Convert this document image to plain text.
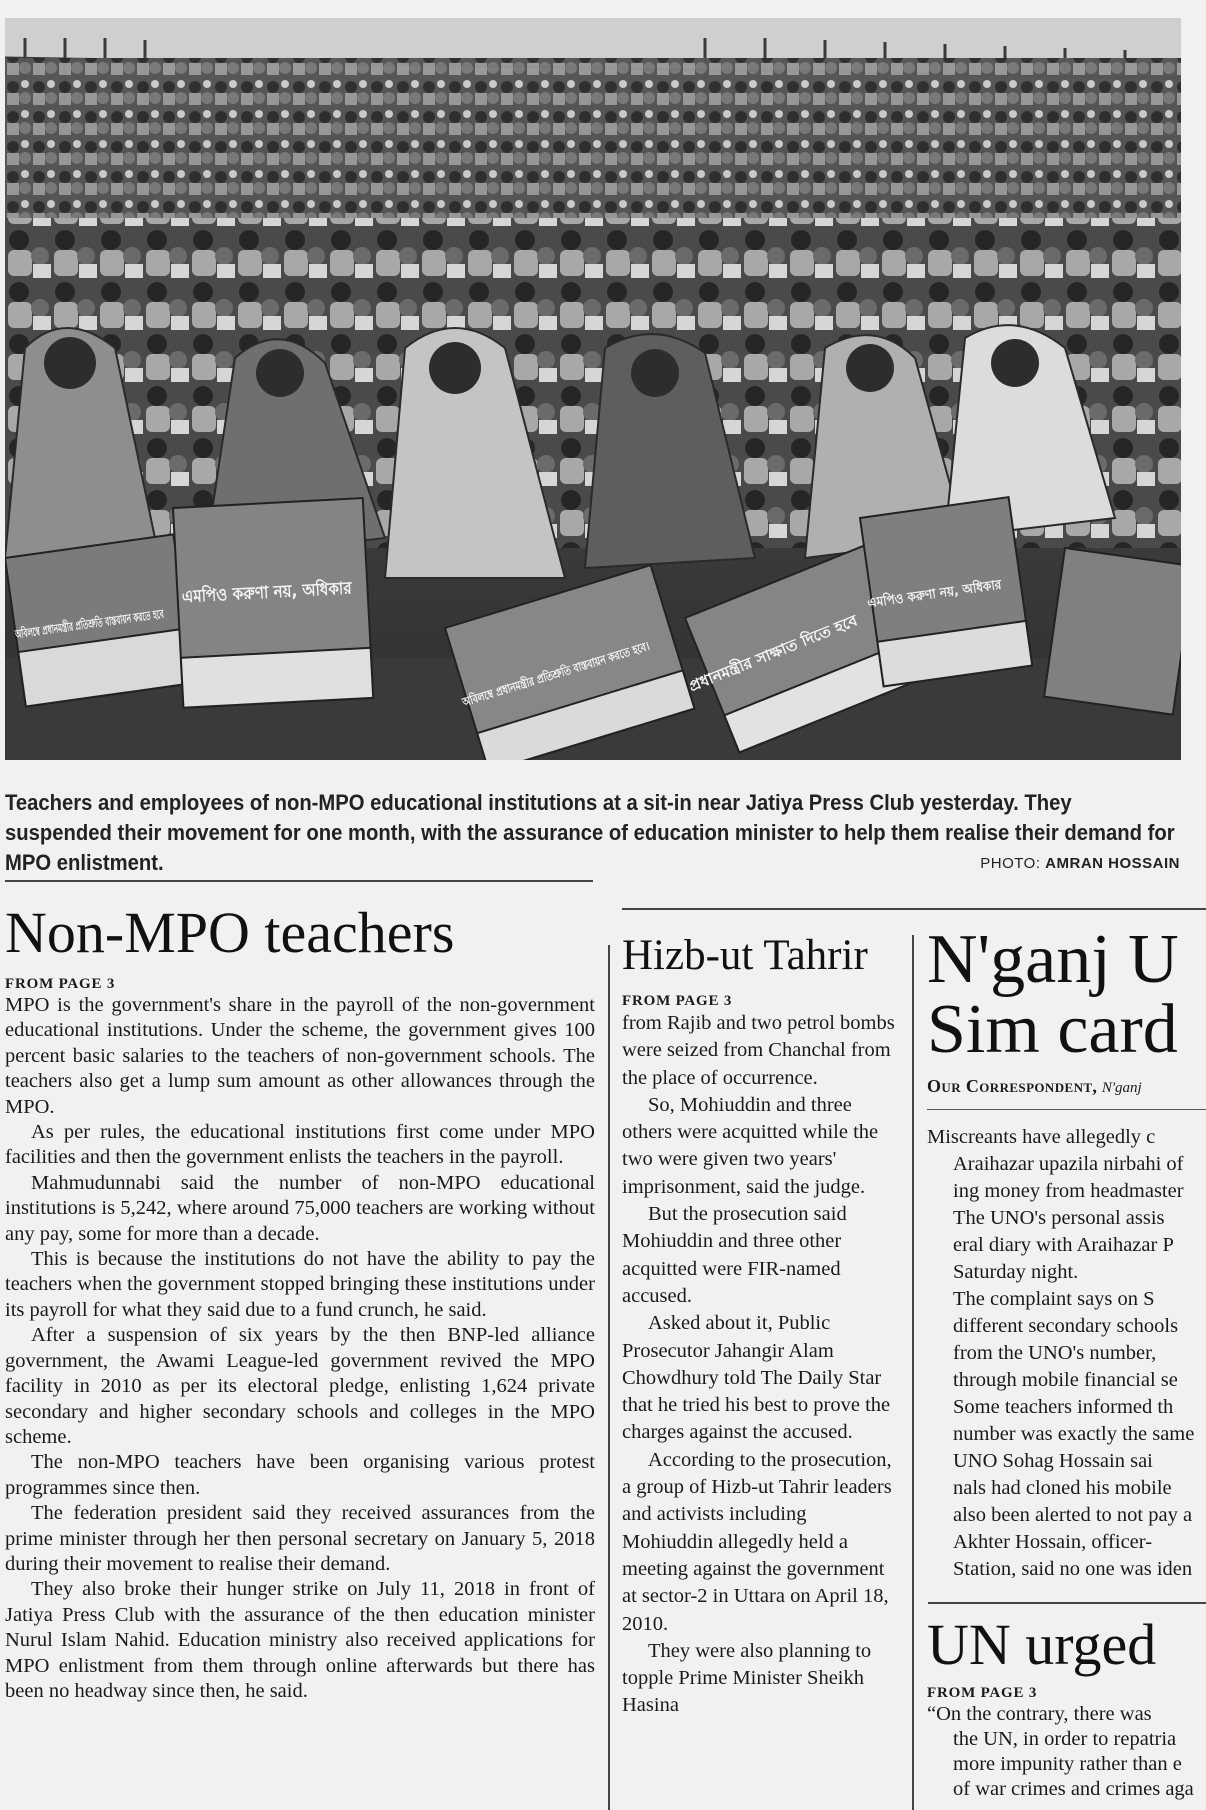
অবিলম্বে প্রধানমন্ত্রীর প্রতিশ্রুতি বাস্তবায়ন করতে হবে
এমপিও করুণা নয়, অধিকার
অবিলম্বে প্রধানমন্ত্রীর প্রতিশ্রুতি বাস্তবায়ন করতে হবে।
প্রধানমন্ত্রীর সাক্ষাত দিতে হবে
এমপিও করুণা নয়, অধিকার
Teachers and employees of non-MPO educational institutions at a sit-in near Jatiya Press Club yesterday. They suspended their movement for one month, with the assurance of education minister to help them realise their demand for MPO enlistment.	PHOTO: AMRAN HOSSAIN
Non-MPO teachers

FROM PAGE 3

MPO is the government's share in the payroll of the non-government educational institutions. Under the scheme, the government gives 100 percent basic salaries to the teachers of non-government schools. The teachers also get a lump sum amount as other allowances through the MPO.

As per rules, the educational institutions first come under MPO facilities and then the government enlists the teachers in the payroll.

Mahmudunnabi said the number of non-MPO educational institutions is 5,242, where around 75,000 teachers are working without any pay, some for more than a decade.

This is because the institutions do not have the ability to pay the teachers when the government stopped bringing these institutions under its payroll for what they said due to a fund crunch, he said.

After a suspension of six years by the then BNP-led alliance government, the Awami League-led government revived the MPO facility in 2010 as per its electoral pledge, enlisting 1,624 private secondary and higher secondary schools and colleges in the MPO scheme.

The non-MPO teachers have been organising various protest programmes since then.

The federation president said they received assurances from the prime minister through her then personal secretary on January 5, 2018 during their movement to realise their demand.

They also broke their hunger strike on July 11, 2018 in front of Jatiya Press Club with the assurance of the then education minister Nurul Islam Nahid. Education ministry also received applications for MPO enlistment from them through online afterwards but there has been no headway since then, he said.

Hizb-ut Tahrir

FROM PAGE 3

from Rajib and two petrol bombs were seized from Chanchal from the place of occurrence.

So, Mohiuddin and three others were acquitted while the two were given two years' imprisonment, said the judge.

But the prosecution said Mohiuddin and three other acquitted were FIR-named accused.

Asked about it, Public Prosecutor Jahangir Alam Chowdhury told The Daily Star that he tried his best to prove the charges against the accused.

According to the prosecution, a group of Hizb-ut Tahrir leaders and activists including Mohiuddin allegedly held a meeting against the government at sector-2 in Uttara on April 18, 2010.

They were also planning to topple Prime Minister Sheikh Hasina

N'ganj U
Sim card

Our Correspondent, N'ganj

Miscreants have allegedly c

Araihazar upazila nirbahi of

ing money from headmaster

The UNO's personal assis

eral diary with Araihazar P

Saturday night.

The complaint says on S

different secondary schools

from the UNO's number,

through mobile financial se

Some teachers informed th

number was exactly the same

UNO Sohag Hossain sai

nals had cloned his mobile

also been alerted to not pay a

Akhter Hossain, officer-

Station, said no one was iden

UN urged

FROM PAGE 3

“On the contrary, there was

the UN, in order to repatria

more impunity rather than e

of war crimes and crimes aga
